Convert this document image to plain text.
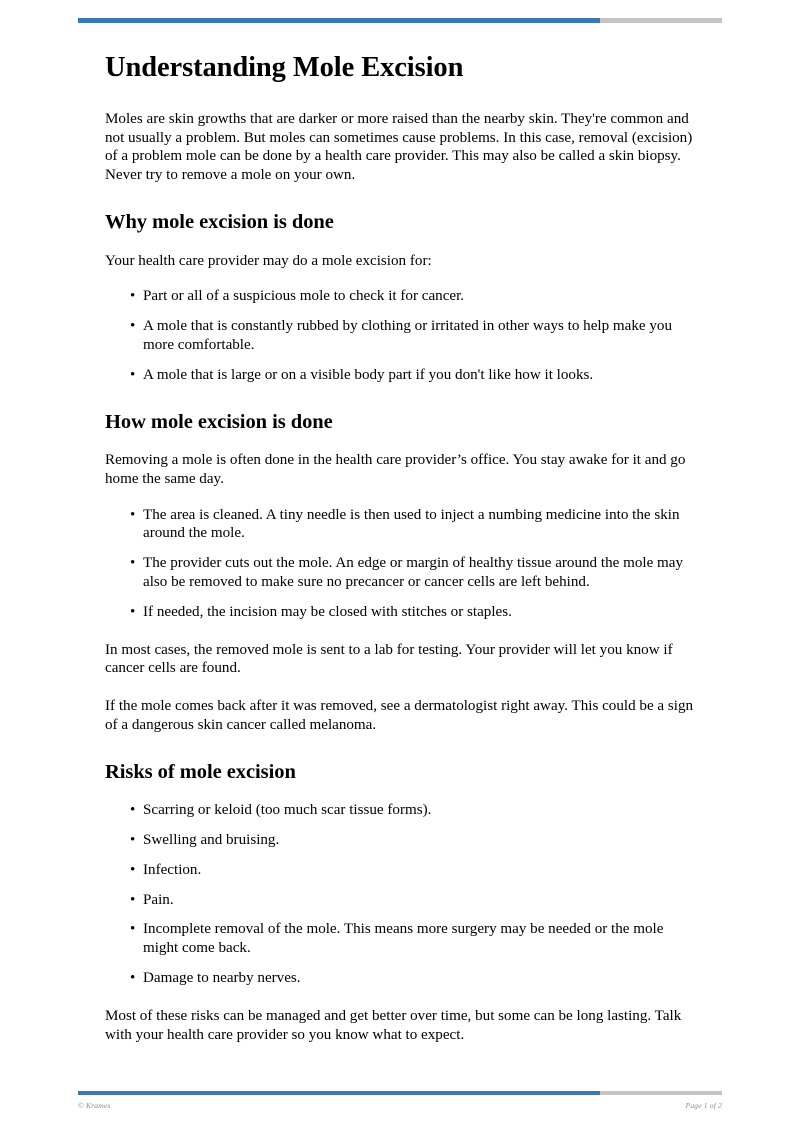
Understanding Mole Excision

Moles are skin growths that are darker or more raised than the nearby skin. They're common and not usually a problem. But moles can sometimes cause problems. In this case, removal (excision) of a problem mole can be done by a health care provider. This may also be called a skin biopsy. Never try to remove a mole on your own.

Why mole excision is done

Your health care provider may do a mole excision for:

• Part or all of a suspicious mole to check it for cancer.
• A mole that is constantly rubbed by clothing or irritated in other ways to help make you more comfortable.
• A mole that is large or on a visible body part if you don't like how it looks.
How mole excision is done

Removing a mole is often done in the health care provider’s office. You stay awake for it and go home the same day.

• The area is cleaned. A tiny needle is then used to inject a numbing medicine into the skin around the mole.
• The provider cuts out the mole. An edge or margin of healthy tissue around the mole may also be removed to make sure no precancer or cancer cells are left behind.
• If needed, the incision may be closed with stitches or staples.

In most cases, the removed mole is sent to a lab for testing. Your provider will let you know if cancer cells are found.

If the mole comes back after it was removed, see a dermatologist right away. This could be a sign of a dangerous skin cancer called melanoma.

Risks of mole excision
• Scarring or keloid (too much scar tissue forms).
• Swelling and bruising.
• Infection.
• Pain.
• Incomplete removal of the mole. This means more surgery may be needed or the mole might come back.
• Damage to nearby nerves.

Most of these risks can be managed and get better over time, but some can be long lasting. Talk with your health care provider so you know what to expect.

© Krames	Page 1 of 2
